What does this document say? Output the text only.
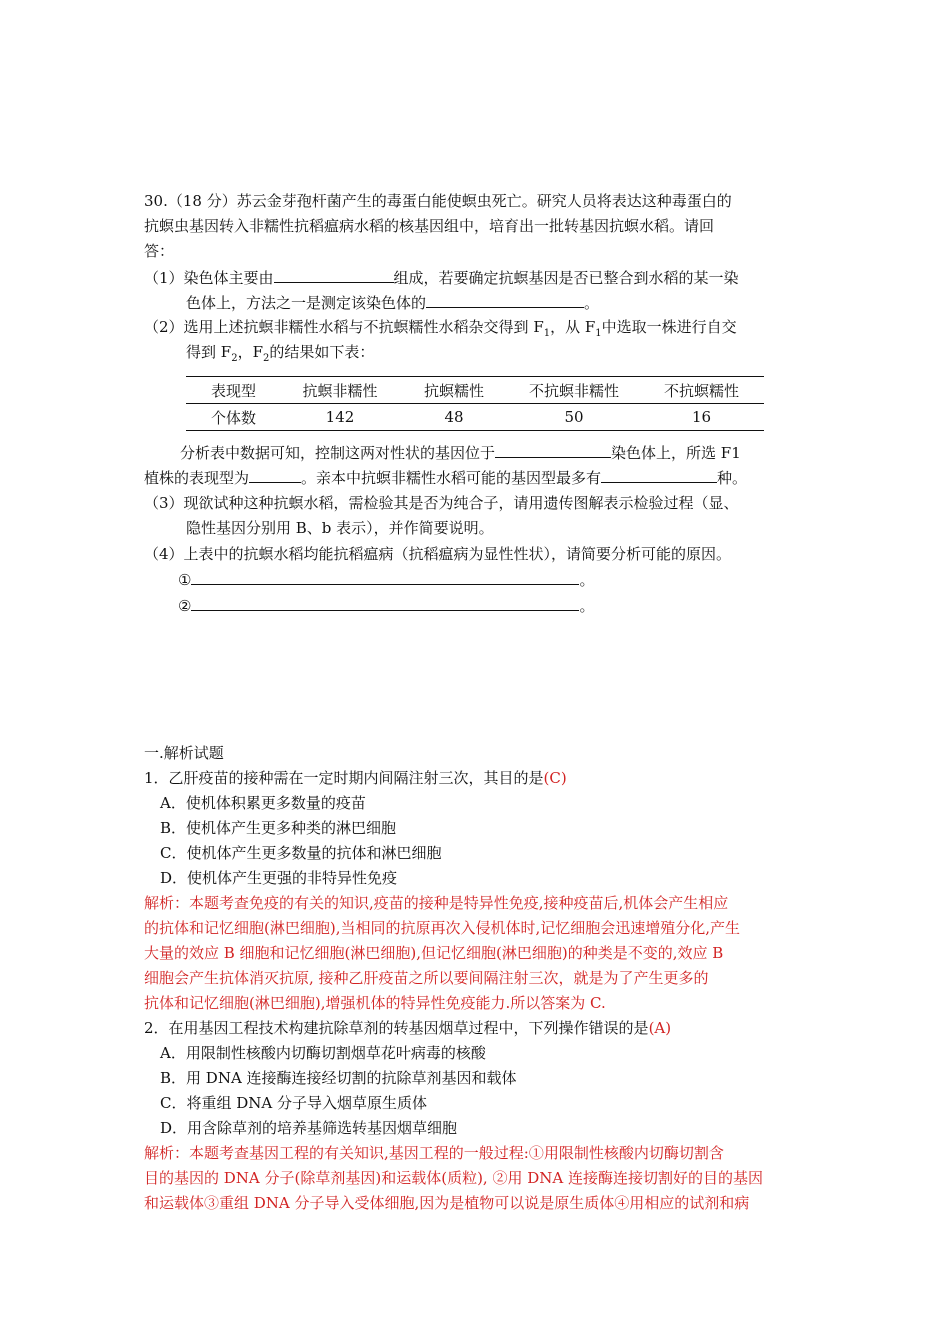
30.（18 分）苏云金芽孢杆菌产生的毒蛋白能使螟虫死亡。研究人员将表达这种毒蛋白的
抗螟虫基因转入非糯性抗稻瘟病水稻的核基因组中，培育出一批转基因抗螟水稻。请回
答：
（1）染色体主要由	组成，若要确定抗螟基因是否已整合到水稻的某一染
色体上，方法之一是测定该染色体的	。
（2）选用上述抗螟非糯性水稻与不抗螟糯性水稻杂交得到 $F_1$，从 $F_1$中选取一株进行自交
得到 $F_2$，$F_2$的结果如下表：
表现型	抗螟非糯性	抗螟糯性	不抗螟非糯性	不抗螟糯性
个体数	142	48	50	16
分析表中数据可知，控制这两对性状的基因位于	染色体上，所选 F1
植株的表现型为	。亲本中抗螟非糯性水稻可能的基因型最多有	种。
（3）现欲试种这种抗螟水稻，需检验其是否为纯合子，请用遗传图解表示检验过程（显、
隐性基因分别用 B、b 表示），并作简要说明。
（4）上表中的抗螟水稻均能抗稻瘟病（抗稻瘟病为显性性状），请简要分析可能的原因。
①	。
②	。
一.解析试题
1．乙肝疫苗的接种需在一定时期内间隔注射三次，其目的是(C)
A．使机体积累更多数量的疫苗
B．使机体产生更多种类的淋巴细胞
C．使机体产生更多数量的抗体和淋巴细胞
D．使机体产生更强的非特异性免疫
解析：本题考查免疫的有关的知识,疫苗的接种是特异性免疫,接种疫苗后,机体会产生相应
的抗体和记忆细胞(淋巴细胞),当相同的抗原再次入侵机体时,记忆细胞会迅速增殖分化,产生
大量的效应 B 细胞和记忆细胞(淋巴细胞),但记忆细胞(淋巴细胞)的种类是不变的,效应 B
细胞会产生抗体消灭抗原, 接种乙肝疫苗之所以要间隔注射三次，就是为了产生更多的
抗体和记忆细胞(淋巴细胞),增强机体的特异性免疫能力.所以答案为 C.
2．在用基因工程技术构建抗除草剂的转基因烟草过程中，下列操作错误的是(A)
A．用限制性核酸内切酶切割烟草花叶病毒的核酸
B．用 DNA 连接酶连接经切割的抗除草剂基因和载体
C．将重组 DNA 分子导入烟草原生质体
D．用含除草剂的培养基筛选转基因烟草细胞
解析：本题考查基因工程的有关知识,基因工程的一般过程:①用限制性核酸内切酶切割含
目的基因的 DNA 分子(除草剂基因)和运载体(质粒), ②用 DNA 连接酶连接切割好的目的基因
和运载体③重组 DNA 分子导入受体细胞,因为是植物可以说是原生质体④用相应的试剂和病
